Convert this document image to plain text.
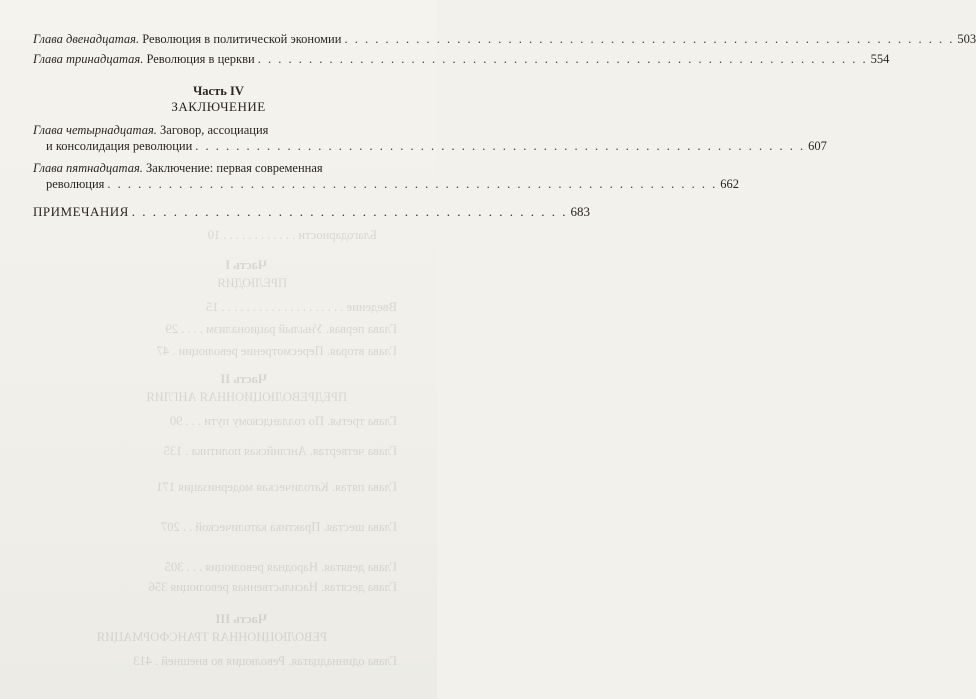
Благодарности . . . . . . . . . . . . 10
Часть I
ПРЕЛЮДИЯ
Введение . . . . . . . . . . . . . . . . . . . . 15
Глава первая. Унылый рационализм . . . . 29
Глава вторая. Пересмотрение революции . 47
Часть II
ПРЕДРЕВОЛЮЦИОННАЯ АНГЛИЯ
Глава третья. По голландскому пути . . . 90
Глава четвертая. Английская политика . 135
Глава пятая. Католическая модернизация 171
Глава шестая. Практика католической . . 207
Глава девятая. Народная революция . . . 305
Глава десятая. Насильственная революция 356
Часть III
РЕВОЛЮЦИОННАЯ ТРАНСФОРМАЦИЯ
Глава одиннадцатая. Революция во внешней . 413
Глава двенадцатая. Революция в политической экономии . . .	503
Глава тринадцатая. Революция в церкви . . .	554
Часть IV
ЗАКЛЮЧЕНИЕ
Глава четырнадцатая. Заговор, ассоциация
и консолидация революции . . .	607
Глава пятнадцатая. Заключение: первая современная
революция . . .	662
ПРИМЕЧАНИЯ . . . . . . . . . . . . . . . . . . . . . . . . . . . . . . . . . . . . . . . . . . 683
